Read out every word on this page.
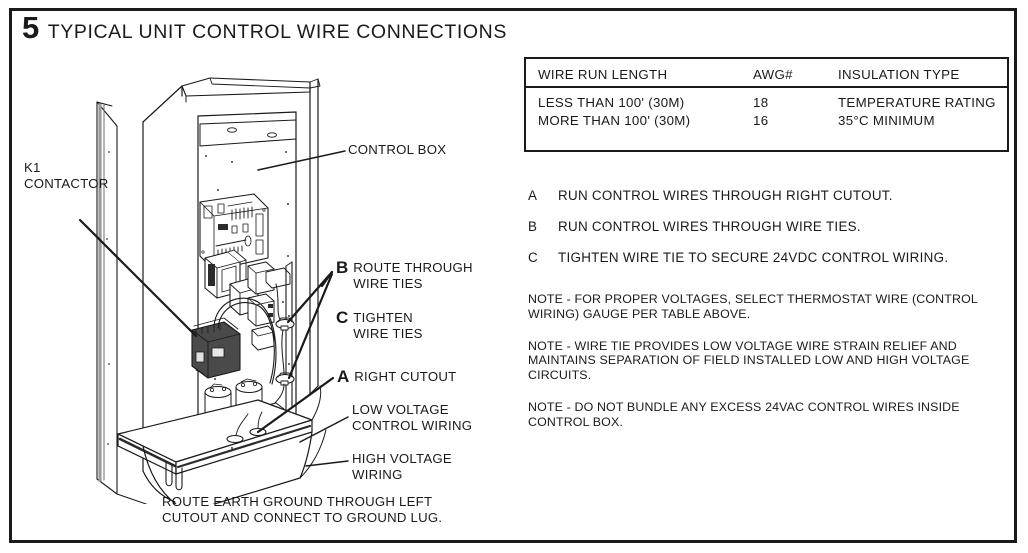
5 TYPICAL UNIT CONTROL WIRE CONNECTIONS
K1
CONTACTOR
CONTROL BOX
B ROUTE THROUGH
WIRE TIES
C TIGHTEN
WIRE TIES
A RIGHT CUTOUT
LOW VOLTAGE
CONTROL WIRING
HIGH VOLTAGE
WIRING
ROUTE EARTH GROUND THROUGH LEFT
CUTOUT AND CONNECT TO GROUND LUG.
WIRE RUN LENGTH	AWG#	INSULATION TYPE
LESS THAN 100' (30M)	18	TEMPERATURE RATING
MORE THAN 100' (30M)	16	35°C MINIMUM
A	RUN CONTROL WIRES THROUGH RIGHT CUTOUT.
B	RUN CONTROL WIRES THROUGH WIRE TIES.
C	TIGHTEN WIRE TIE TO SECURE 24VDC CONTROL WIRING.
NOTE - FOR PROPER VOLTAGES, SELECT THERMOSTAT WIRE (CONTROL WIRING) GAUGE PER TABLE ABOVE.
NOTE - WIRE TIE PROVIDES LOW VOLTAGE WIRE STRAIN RELIEF AND MAINTAINS SEPARATION OF FIELD INSTALLED LOW AND HIGH VOLTAGE CIRCUITS.
NOTE - DO NOT BUNDLE ANY EXCESS 24VAC CONTROL WIRES INSIDE CONTROL BOX.
